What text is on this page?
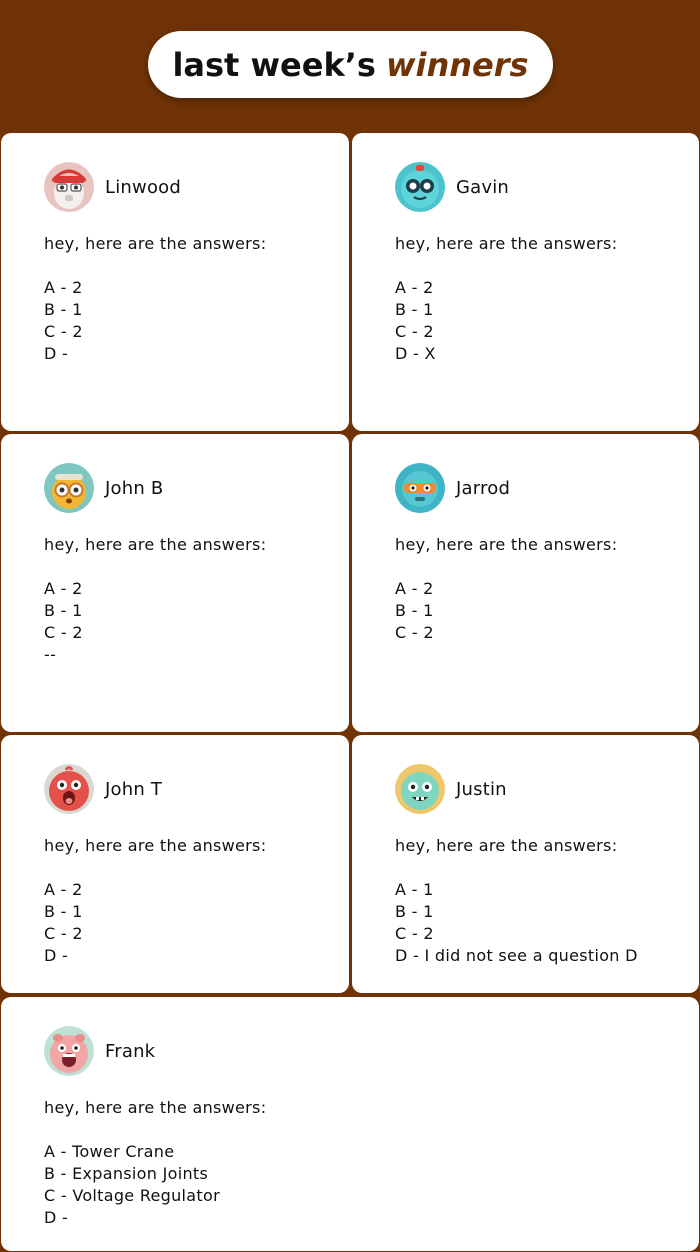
last week’s winners
Linwood
hey, here are the answers:
A - 2
B - 1
C - 2
D -
Gavin
hey, here are the answers:
A - 2
B - 1
C - 2
D - X
John B
hey, here are the answers:
A - 2
B - 1
C - 2
--
Jarrod
hey, here are the answers:
A - 2
B - 1
C - 2
John T
hey, here are the answers:
A - 2
B - 1
C - 2
D -
Justin
hey, here are the answers:
A - 1
B - 1
C - 2
D - I did not see a question D
Frank
hey, here are the answers:
A - Tower Crane
B - Expansion Joints
C - Voltage Regulator
D -
